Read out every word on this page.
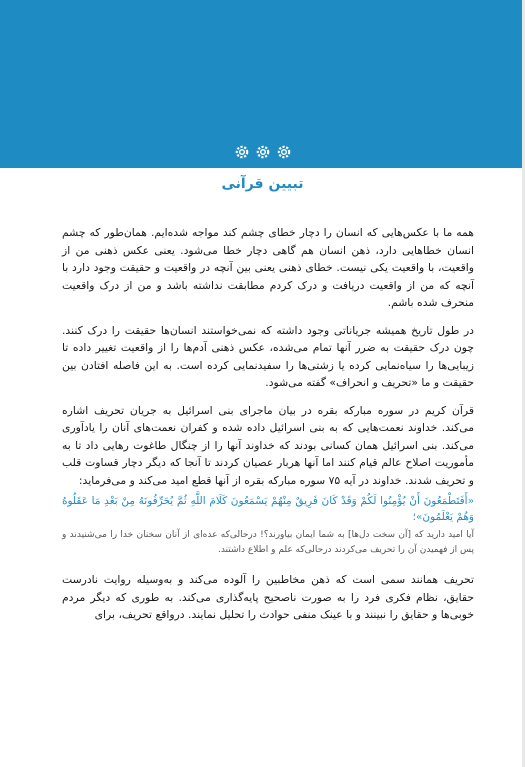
تبیین قرآنی

همه ما با عکس‌هایی که انسان را دچار خطای چشم کند مواجه شده‌ایم. همان‌طور که چشم انسان خطاهایی دارد، ذهن انسان هم گاهی دچار خطا می‌شود. یعنی عکس ذهنی من از واقعیت، با واقعیت یکی نیست. خطای ذهنی یعنی بین آنچه در واقعیت و حقیقت وجود دارد با آنچه که من از واقعیت دریافت و درک کردم مطابقت نداشته باشد و من از درک واقعیت منحرف شده باشم.

در طول تاریخ همیشه جریاناتی وجود داشته که نمی‌خواستند انسان‌ها حقیقت را درک کنند. چون درک حقیقت به ضرر آنها تمام می‌شده، عکس ذهنی آدم‌ها را از واقعیت تغییر داده تا زیبایی‌ها را سیاه‌نمایی کرده یا زشتی‌ها را سفیدنمایی کرده است. به این فاصله افتادن بین حقیقت و ما «تحریف و انحراف» گفته می‌شود.

قرآن کریم در سوره مبارکه بقره در بیان ماجرای بنی اسرائیل به جریان تحریف اشاره می‌کند. خداوند نعمت‌هایی که به بنی اسرائیل داده شده و کفران نعمت‌های آنان را یادآوری می‌کند. بنی اسرائیل همان کسانی بودند که خداوند آنها را از چنگال طاغوت رهایی داد تا به مأموریت اصلاح عالم قیام کنند اما آنها هربار عصیان کردند تا آنجا که دیگر دچار قساوت قلب و تحریف شدند. خداوند در آیه ۷۵ سوره مبارکه بقره از آنها قطع امید می‌کند و می‌فرماید:

«أَفَتَطْمَعُونَ أَنْ يُؤْمِنُوا لَكُمْ وَقَدْ كَانَ فَرِيقٌ مِنْهُمْ يَسْمَعُونَ كَلَامَ اللَّهِ ثُمَّ يُحَرِّفُونَهُ مِنْ بَعْدِ مَا عَقَلُوهُ وَهُمْ يَعْلَمُونَ»؛

آیا امید دارید که [آن سخت دل‌ها] به شما ایمان بیاورند؟! درحالی‌که عده‌ای از آنان سخنان خدا را می‌شنیدند و پس از فهمیدن آن را تحریف می‌کردند درحالی‌که علم و اطلاع داشتند.

تحریف همانند سمی است که ذهن مخاطبین را آلوده می‌کند و به‌وسیله روایت نادرست حقایق، نظام فکری فرد را به صورت ناصحیح پایه‌گذاری می‌کند. به طوری که دیگر مردم خوبی‌ها و حقایق را نبینند و با عینک منفی حوادث را تحلیل نمایند. درواقع تحریف، برای
